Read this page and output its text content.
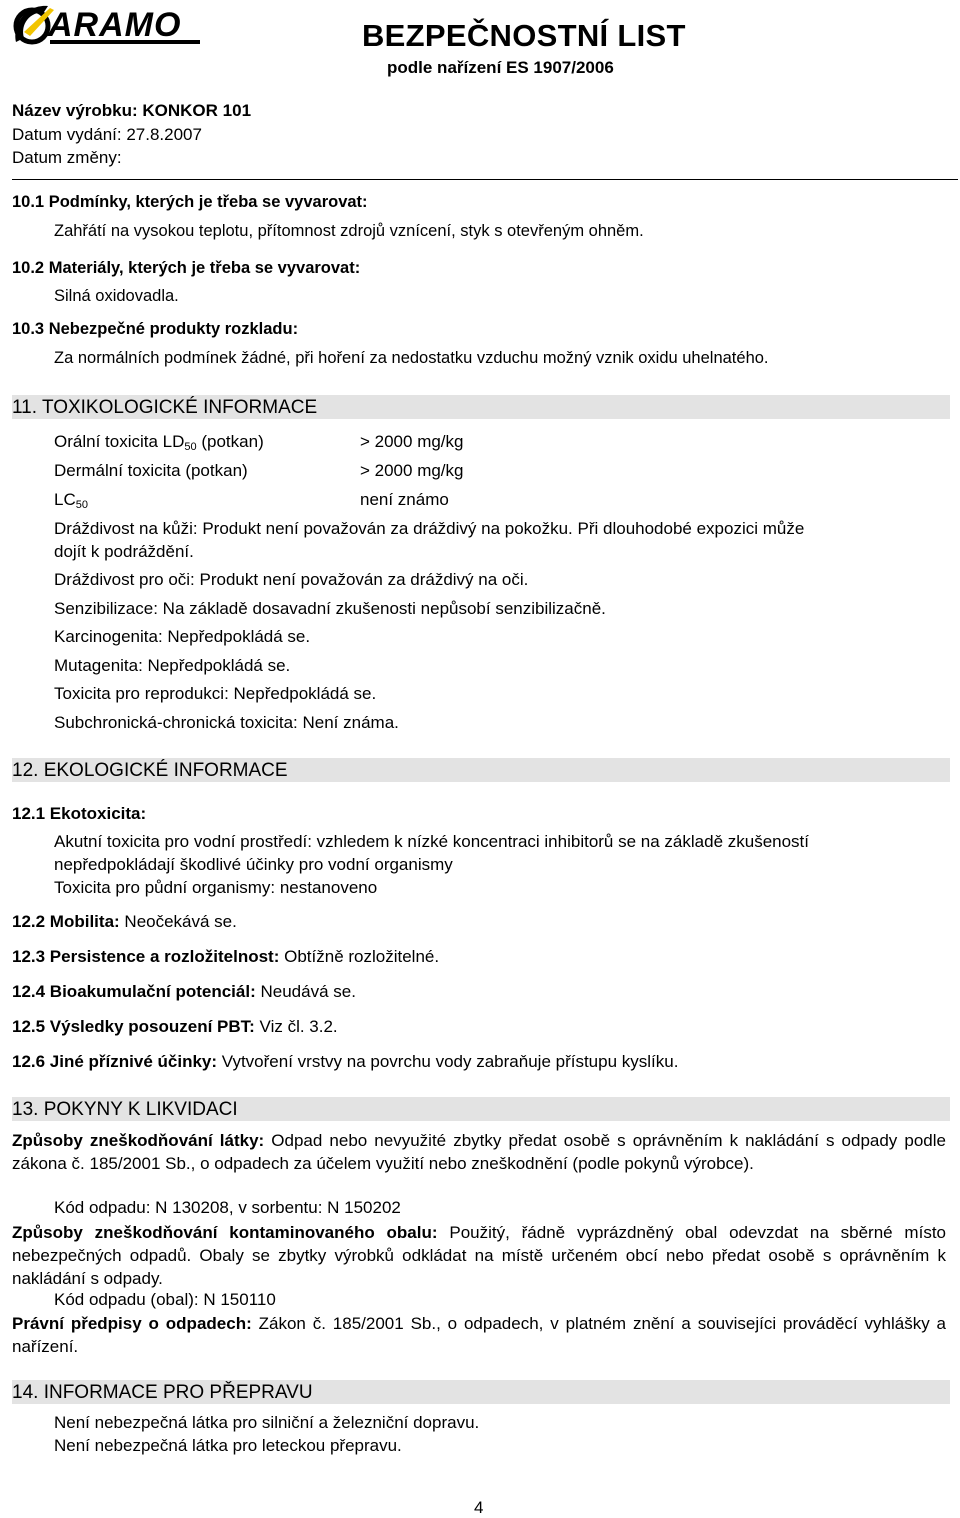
ARAMO	BEZPEČNOSTNÍ LIST
podle nařízení ES 1907/2006
Název výrobku: KONKOR 101
Datum vydání: 27.8.2007
Datum změny:
10.1 Podmínky, kterých je třeba se vyvarovat:
Zahřátí na vysokou teplotu, přítomnost zdrojů vznícení, styk s otevřeným ohněm.
10.2 Materiály, kterých je třeba se vyvarovat:
Silná oxidovadla.
10.3 Nebezpečné produkty rozkladu:
Za normálních podmínek žádné, při hoření za nedostatku vzduchu možný vznik oxidu uhelnatého.
11. TOXIKOLOGICKÉ INFORMACE
Orální toxicita $LD_{50}$ (potkan)	> 2000 mg/kg
Dermální toxicita (potkan)	> 2000 mg/kg
$LC_{50}$	není známo
Dráždivost na kůži: Produkt není považován za dráždivý na pokožku. Při dlouhodobé expozici může
dojít k podráždění.
Dráždivost pro oči: Produkt není považován za dráždivý na oči.
Senzibilizace: Na základě dosavadní zkušenosti nepůsobí senzibilizačně.
Karcinogenita: Nepředpokládá se.
Mutagenita: Nepředpokládá se.
Toxicita pro reprodukci: Nepředpokládá se.
Subchronická-chronická toxicita: Není známa.
12. EKOLOGICKÉ INFORMACE
12.1 Ekotoxicita:
Akutní toxicita pro vodní prostředí: vzhledem k nízké koncentraci inhibitorů se na základě zkušeností
nepředpokládají škodlivé účinky pro vodní organismy
Toxicita pro půdní organismy: nestanoveno
12.2 Mobilita: Neočekává se.
12.3 Persistence a rozložitelnost: Obtížně rozložitelné.
12.4 Bioakumulační potenciál: Neudává se.
12.5 Výsledky posouzení PBT: Viz čl. 3.2.
12.6 Jiné příznivé účinky: Vytvoření vrstvy na povrchu vody zabraňuje přístupu kyslíku.
13. POKYNY K LIKVIDACI
Způsoby zneškodňování látky: Odpad nebo nevyužité zbytky předat osobě s oprávněním k nakládání s odpady podle zákona č. 185/2001 Sb., o odpadech za účelem využití nebo zneškodnění (podle pokynů výrobce).
Kód odpadu: N 130208, v sorbentu: N 150202
Způsoby zneškodňování kontaminovaného obalu: Použitý, řádně vyprázdněný obal odevzdat na sběrné místo nebezpečných odpadů. Obaly se zbytky výrobků odkládat na místě určeném obcí nebo předat osobě s oprávněním k nakládání s odpady.
Kód odpadu (obal): N 150110
Právní předpisy o odpadech: Zákon č. 185/2001 Sb., o odpadech, v platném znění a souvisejíci prováděcí vyhlášky a nařízení.
14. INFORMACE PRO PŘEPRAVU
Není nebezpečná látka pro silniční a železniční dopravu.
Není nebezpečná látka pro leteckou přepravu.
4
